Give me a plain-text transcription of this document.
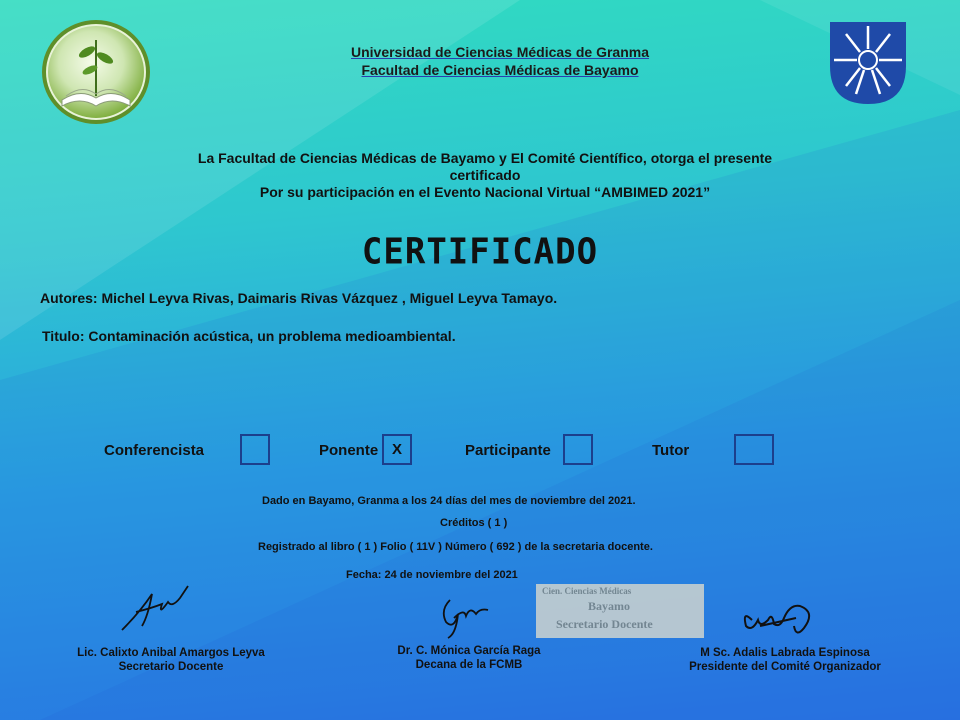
Universidad de Ciencias Médicas de Granma
Facultad de Ciencias Médicas de Bayamo
La Facultad de Ciencias Médicas de Bayamo y El Comité Científico, otorga el presente
certificado
Por su participación en el Evento Nacional Virtual “AMBIMED 2021”
CERTIFICADO
Autores: Michel Leyva Rivas, Daimaris Rivas Vázquez , Miguel Leyva Tamayo.
Titulo: Contaminación acústica, un problema medioambiental.
Conferencista	Ponente X	Participante	Tutor
Dado en Bayamo, Granma a los 24 días del mes de noviembre del 2021.
Créditos ( 1 )
Registrado al libro ( 1 ) Folio ( 11V ) Número ( 692 ) de la secretaria docente.
Fecha: 24 de noviembre del 2021
Cien. Ciencias Médicas
Bayamo
Secretario Docente
Lic. Calixto Anibal Amargos Leyva
Secretario Docente
Dr. C. Mónica García Raga
Decana de la FCMB
M Sc. Adalis Labrada Espinosa
Presidente del Comité Organizador
